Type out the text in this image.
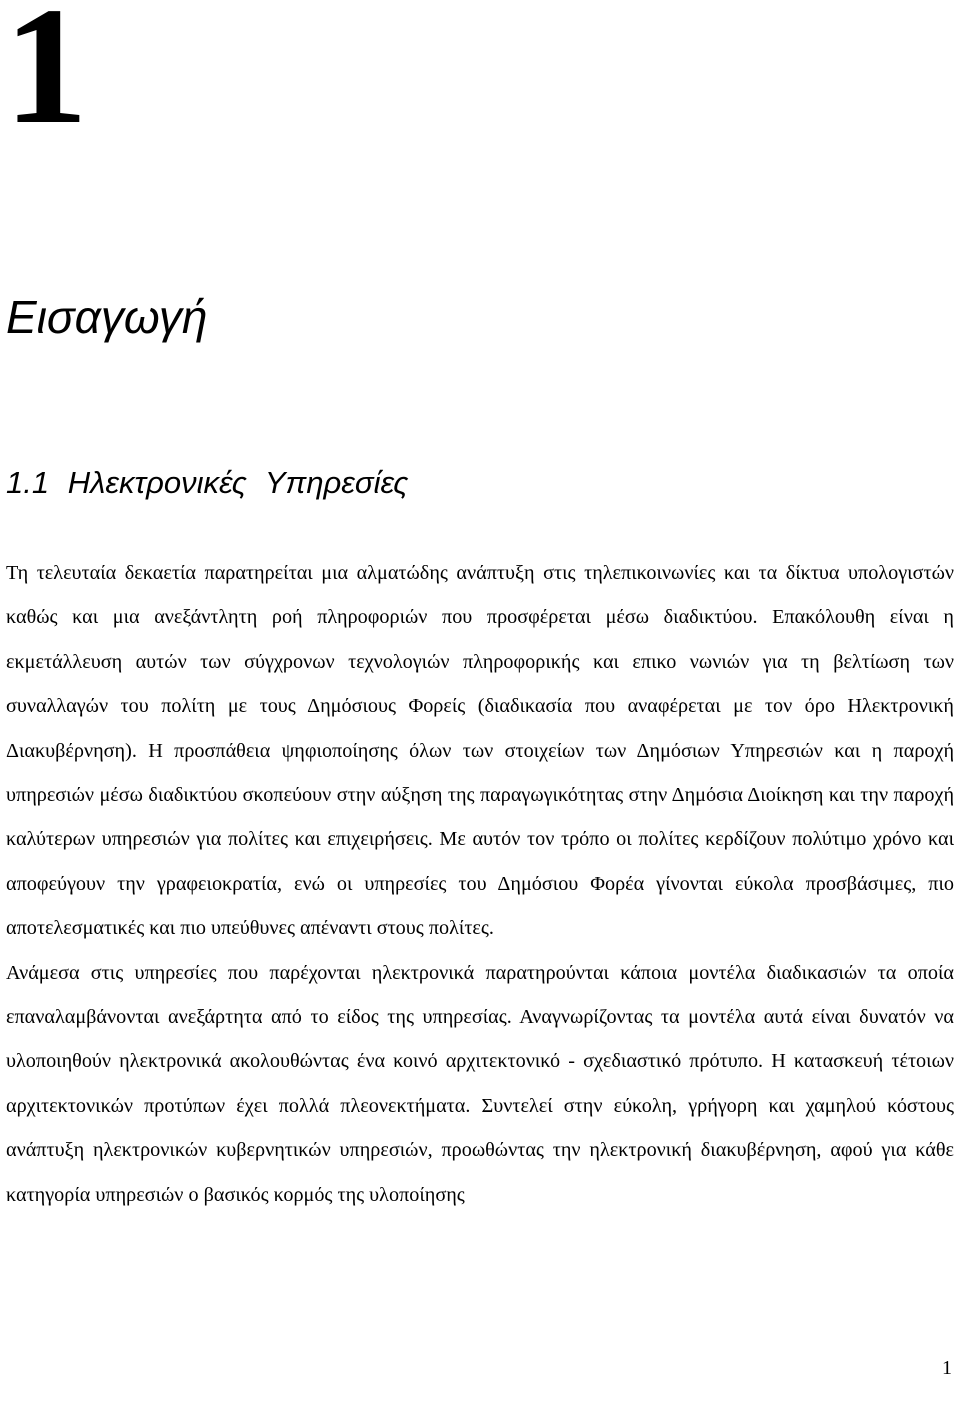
1
Εισαγωγή
1.1 Ηλεκτρονικές Υπηρεσίες

Τη τελευταία δεκαετία παρατηρείται μια αλματώδης ανάπτυξη στις τηλεπικοινωνίες και τα δίκτυα υπολογιστών καθώς και μια ανεξάντλητη ροή πληροφοριών που προσφέρεται μέσω διαδικτύου. Επακόλουθη είναι η εκμετάλλευση αυτών των σύγχρονων τεχνολογιών πληροφορικής και επικο νωνιών για τη βελτίωση των συναλλαγών του πολίτη με τους Δημόσιους Φορείς (διαδικασία που αναφέρεται με τον όρο Ηλεκτρονική Διακυβέρνηση). Η προσπάθεια ψηφιοποίησης όλων των στοιχείων των Δημόσιων Υπηρεσιών και η παροχή υπηρεσιών μέσω διαδικτύου σκοπεύουν στην αύξηση της παραγωγικότητας στην Δημόσια Διοίκηση και την παροχή καλύτερων υπηρεσιών για πολίτες και επιχειρήσεις. Με αυτόν τον τρόπο οι πολίτες κερδίζουν πολύτιμο χρόνο και αποφεύγουν την γραφειοκρατία, ενώ οι υπηρεσίες του Δημόσιου Φορέα γίνονται εύκολα προσβάσιμες, πιο αποτελεσματικές και πιο υπεύθυνες απέναντι στους πολίτες.

Ανάμεσα στις υπηρεσίες που παρέχονται ηλεκτρονικά παρατηρούνται κάποια μοντέλα διαδικασιών τα οποία επαναλαμβάνονται ανεξάρτητα από το είδος της υπηρεσίας. Αναγνωρίζοντας τα μοντέλα αυτά είναι δυνατόν να υλοποιηθούν ηλεκτρονικά ακολουθώντας ένα κοινό αρχιτεκτονικό - σχεδιαστικό πρότυπο. Η κατασκευή τέτοιων αρχιτεκτονικών προτύπων έχει πολλά πλεονεκτήματα. Συντελεί στην εύκολη, γρήγορη και χαμηλού κόστους ανάπτυξη ηλεκτρονικών κυβερνητικών υπηρεσιών, προωθώντας την ηλεκτρονική διακυβέρνηση, αφού για κάθε κατηγορία υπηρεσιών ο βασικός κορμός της υλοποίησης

1
